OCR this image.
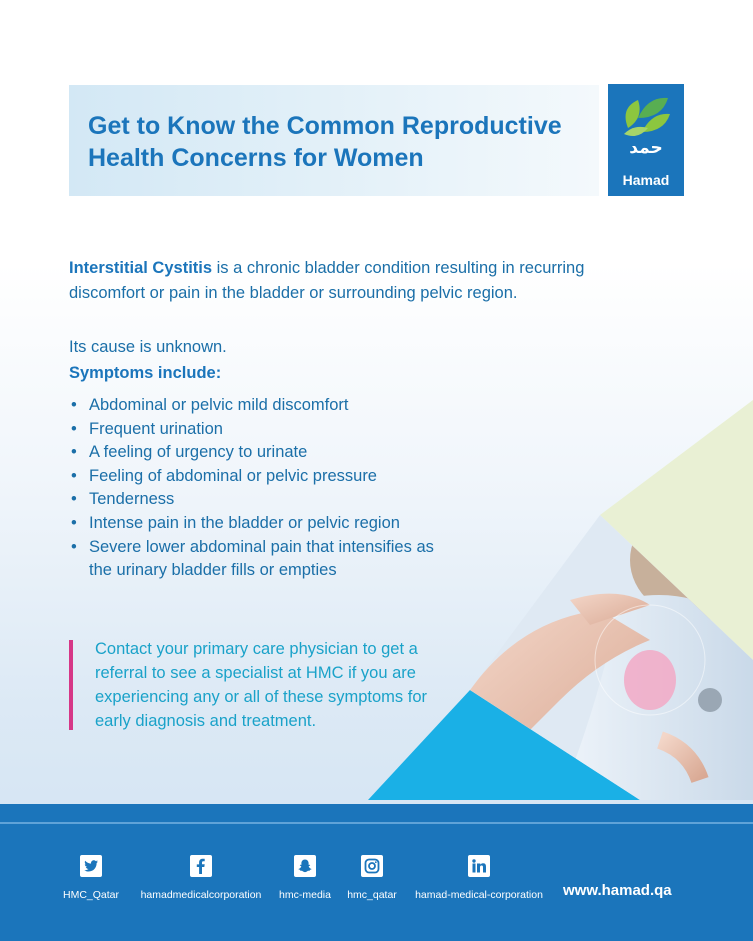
Get to Know the Common Reproductive Health Concerns for Women	حمد
Hamad

Interstitial Cystitis is a chronic bladder condition resulting in recurring discomfort or pain in the bladder or surrounding pelvic region.

Its cause is unknown.

Symptoms include:

• Abdominal or pelvic mild discomfort
• Frequent urination
• A feeling of urgency to urinate
• Feeling of abdominal or pelvic pressure
• Tenderness
• Intense pain in the bladder or pelvic region
• Severe lower abdominal pain that intensifies as the urinary bladder fills or empties

Contact your primary care physician to get a referral to see a specialist at HMC if you are experiencing any or all of these symptoms for early diagnosis and treatment.

HMC_Qatar	hamadmedicalcorporation	hmc-media	hmc_qatar	hamad-medical-corporation www.hamad.qa
